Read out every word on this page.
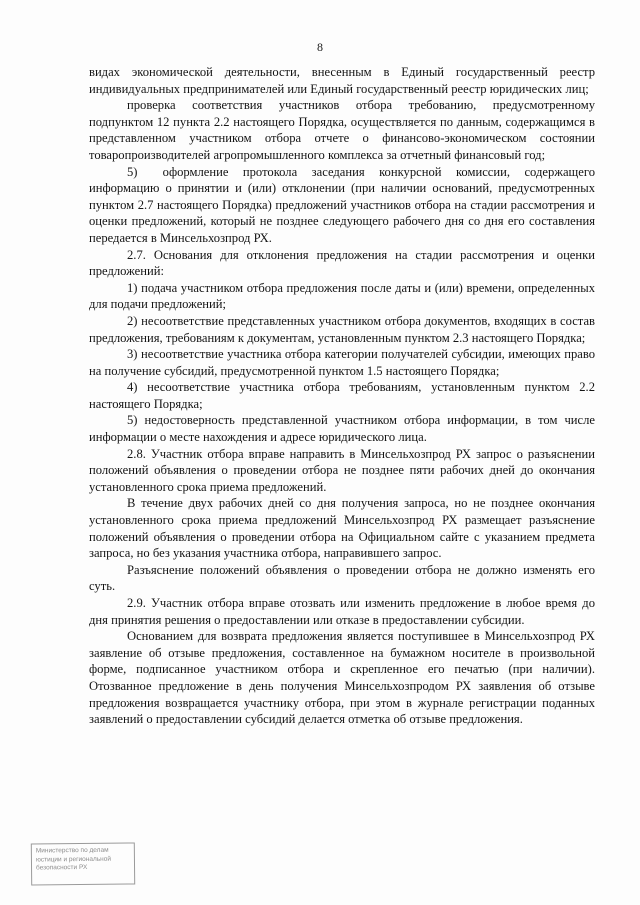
8

видах экономической деятельности, внесенным в Единый государственный реестр индивидуальных предпринимателей или Единый государственный реестр юридических лиц;

проверка соответствия участников отбора требованию, предусмотренному подпунктом 12 пункта 2.2 настоящего Порядка, осуществляется по данным, содержащимся в представленном участником отбора отчете о финансово-экономическом состоянии товаропроизводителей агропромышленного комплекса за отчетный финансовый год;

5)  оформление протокола заседания конкурсной комиссии, содержащего информацию о принятии и (или) отклонении (при наличии оснований, предусмотренных пунктом 2.7 настоящего Порядка) предложений участников отбора на стадии рассмотрения и оценки предложений, который не позднее следующего рабочего дня со дня его составления передается в Минсельхозпрод РХ.

2.7. Основания для отклонения предложения на стадии рассмотрения и оценки предложений:

1) подача участником отбора предложения после даты и (или) времени, определенных для подачи предложений;

2) несоответствие представленных участником отбора документов, входящих в состав предложения, требованиям к документам, установленным пунктом 2.3 настоящего Порядка;

3) несоответствие участника отбора категории получателей субсидии, имеющих право на получение субсидий, предусмотренной пунктом 1.5 настоящего Порядка;

4) несоответствие участника отбора требованиям, установленным пунктом 2.2 настоящего Порядка;

5) недостоверность представленной участником отбора информации, в том числе информации о месте нахождения и адресе юридического лица.

2.8. Участник отбора вправе направить в Минсельхозпрод РХ запрос о разъяснении положений объявления о проведении отбора не позднее пяти рабочих дней до окончания установленного срока приема предложений.

В течение двух рабочих дней со дня получения запроса, но не позднее окончания установленного срока приема предложений Минсельхозпрод РХ размещает разъяснение положений объявления о проведении отбора на Официальном сайте с указанием предмета запроса, но без указания участника отбора, направившего запрос.

Разъяснение положений объявления о проведении отбора не должно изменять его суть.

2.9. Участник отбора вправе отозвать или изменить предложение в любое время до дня принятия решения о предоставлении или отказе в предоставлении субсидии.

Основанием для возврата предложения является поступившее в Минсельхозпрод РХ заявление об отзыве предложения, составленное на бумажном носителе в произвольной форме, подписанное участником отбора и скрепленное его печатью (при наличии). Отозванное предложение в день получения Минсельхозпродом РХ заявления об отзыве предложения возвращается участнику отбора, при этом в журнале регистрации поданных заявлений о предоставлении субсидий делается отметка об отзыве предложения.

Министерство по делам
юстиции и региональной
безопасности РХ
